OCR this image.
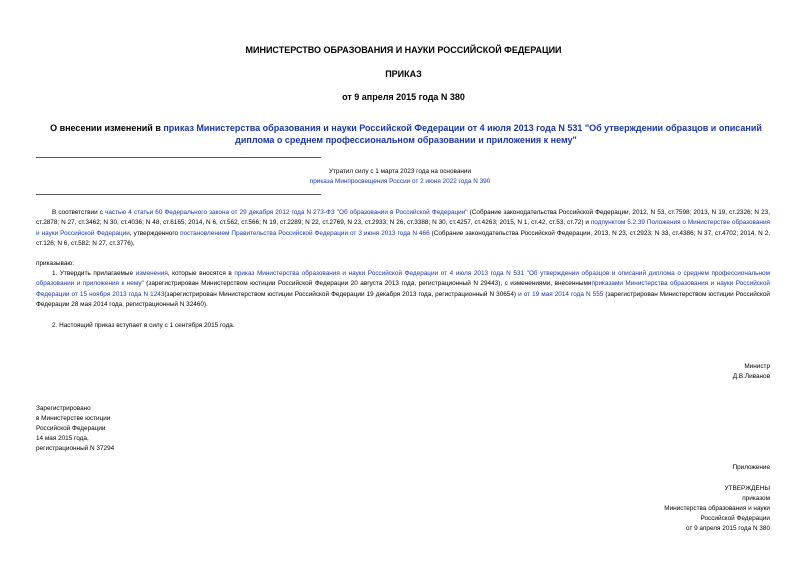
МИНИСТЕРСТВО ОБРАЗОВАНИЯ И НАУКИ РОССИЙСКОЙ ФЕДЕРАЦИИ
ПРИКАЗ
от 9 апреля 2015 года N 380
О внесении изменений в приказ Министерства образования и науки Российской Федерации от 4 июля 2013 года N 531 "Об утверждении образцов и описаний диплома о среднем профессиональном образовании и приложения к нему"

Утратил силу с 1 марта 2023 года на основании

приказа Минпросвещения России от 2 июня 2022 года N 390

В соответствии с частью 4 статьи 60 Федерального закона от 29 декабря 2012 года N 273-ФЗ "Об образовании в Российской Федерации" (Собрание законодательства Российской Федерации, 2012, N 53, ст.7598; 2013, N 19, ст.2326; N 23, ст.2878; N 27, ст.3462; N 30, ст.4036; N 48, ст.6165; 2014, N 6, ст.562, ст.566; N 19, ст.2289; N 22, ст.2769, N 23, ст.2933; N 26, ст.3388; N 30, ст.4257, ст.4263; 2015, N 1, ст.42, ст.53, ст.72) и подпунктом 5.2.39 Положения о Министерстве образования и науки Российской Федерации, утвержденного постановлением Правительства Российской Федерации от 3 июня 2013 года N 466 (Собрание законодательства Российской Федерации, 2013, N 23, ст.2923; N 33, ст.4386; N 37, ст.4702; 2014, N 2, ст.126; N 6, ст.582; N 27, ст.3776),
приказываю:
1. Утвердить прилагаемые изменения, которые вносятся в приказ Министерства образования и науки Российской Федерации от 4 июля 2013 года N 531 "Об утверждении образцов и описаний диплома о среднем профессиональном образовании и приложения к нему" (зарегистрирован Министерством юстиции Российской Федерации 20 августа 2013 года, регистрационный N 29443), с изменениями, внесеннымиприказами Министерства образования и науки Российской Федерации от 15 ноября 2013 года N 1243(зарегистрирован Министерством юстиции Российской Федерации 19 декабря 2013 года, регистрационный N 30654) и от 19 мая 2014 года N 555 (зарегистрирован Министерством юстиции Российской Федерации 28 мая 2014 года, регистрационный N 32460).
2. Настоящий приказ вступает в силу с 1 сентября 2015 года.

Министр

Д.В.Ливанов

Зарегистрировано

в Министерстве юстиции

Российской Федерации

14 мая 2015 года,

регистрационный N 37294

Приложение

УТВЕРЖДЕНЫ

приказом

Министерства образования и науки

Российской Федерации

от 9 апреля 2015 года N 380
